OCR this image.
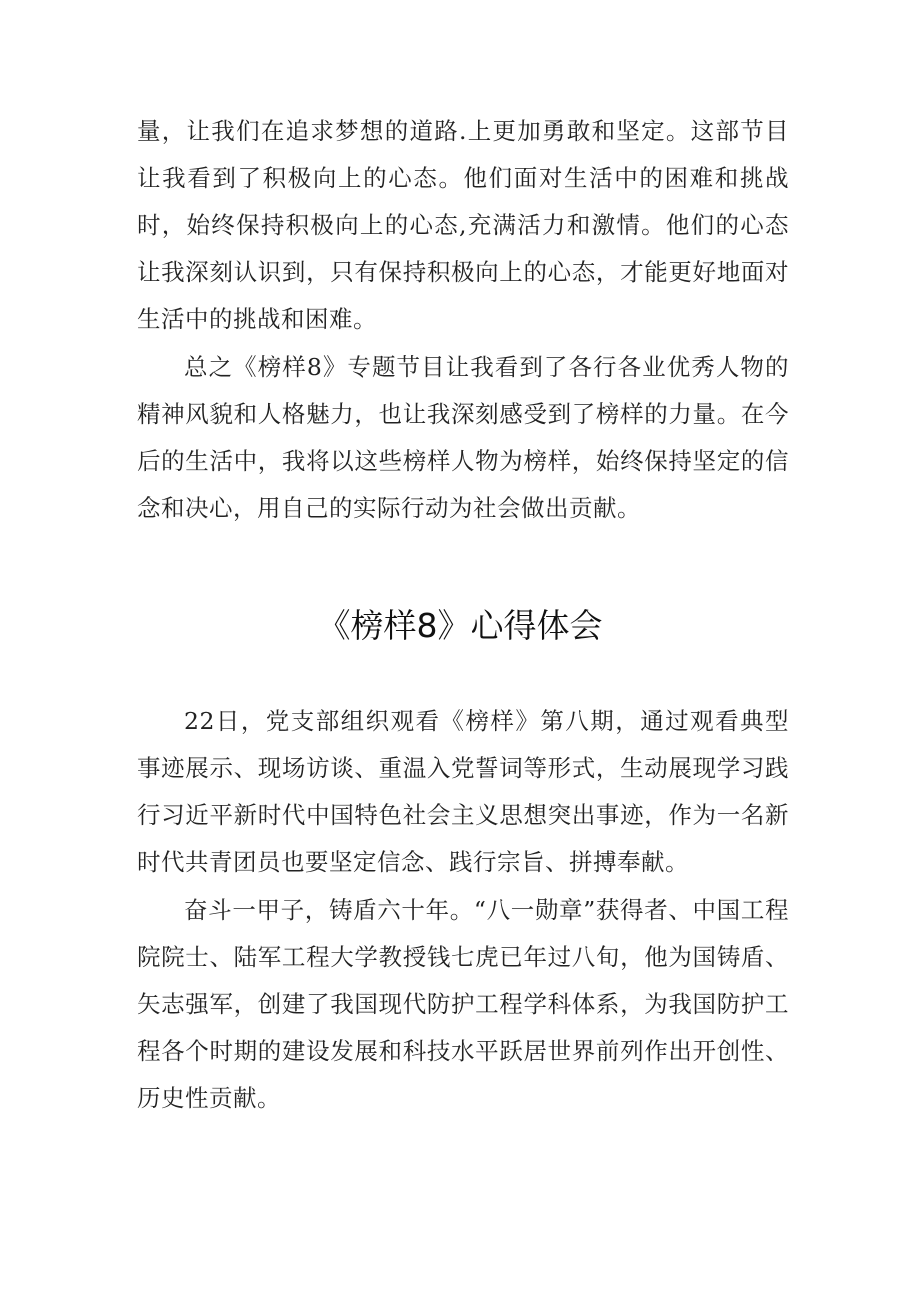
量，让我们在追求梦想的道路.上更加勇敢和坚定。这部节目让我看到了积极向上的心态。他们面对生活中的困难和挑战时，始终保持积极向上的心态,充满活力和激情。他们的心态让我深刻认识到，只有保持积极向上的心态，才能更好地面对生活中的挑战和困难。

总之《榜样8》专题节目让我看到了各行各业优秀人物的精神风貌和人格魅力，也让我深刻感受到了榜样的力量。在今后的生活中，我将以这些榜样人物为榜样，始终保持坚定的信念和决心，用自己的实际行动为社会做出贡献。

《榜样8》心得体会

22日，党支部组织观看《榜样》第八期，通过观看典型事迹展示、现场访谈、重温入党誓词等形式，生动展现学习践行习近平新时代中国特色社会主义思想突出事迹，作为一名新时代共青团员也要坚定信念、践行宗旨、拼搏奉献。

奋斗一甲子，铸盾六十年。“八一勋章”获得者、中国工程院院士、陆军工程大学教授钱七虎已年过八旬，他为国铸盾、矢志强军，创建了我国现代防护工程学科体系，为我国防护工程各个时期的建设发展和科技水平跃居世界前列作出开创性、历史性贡献。
